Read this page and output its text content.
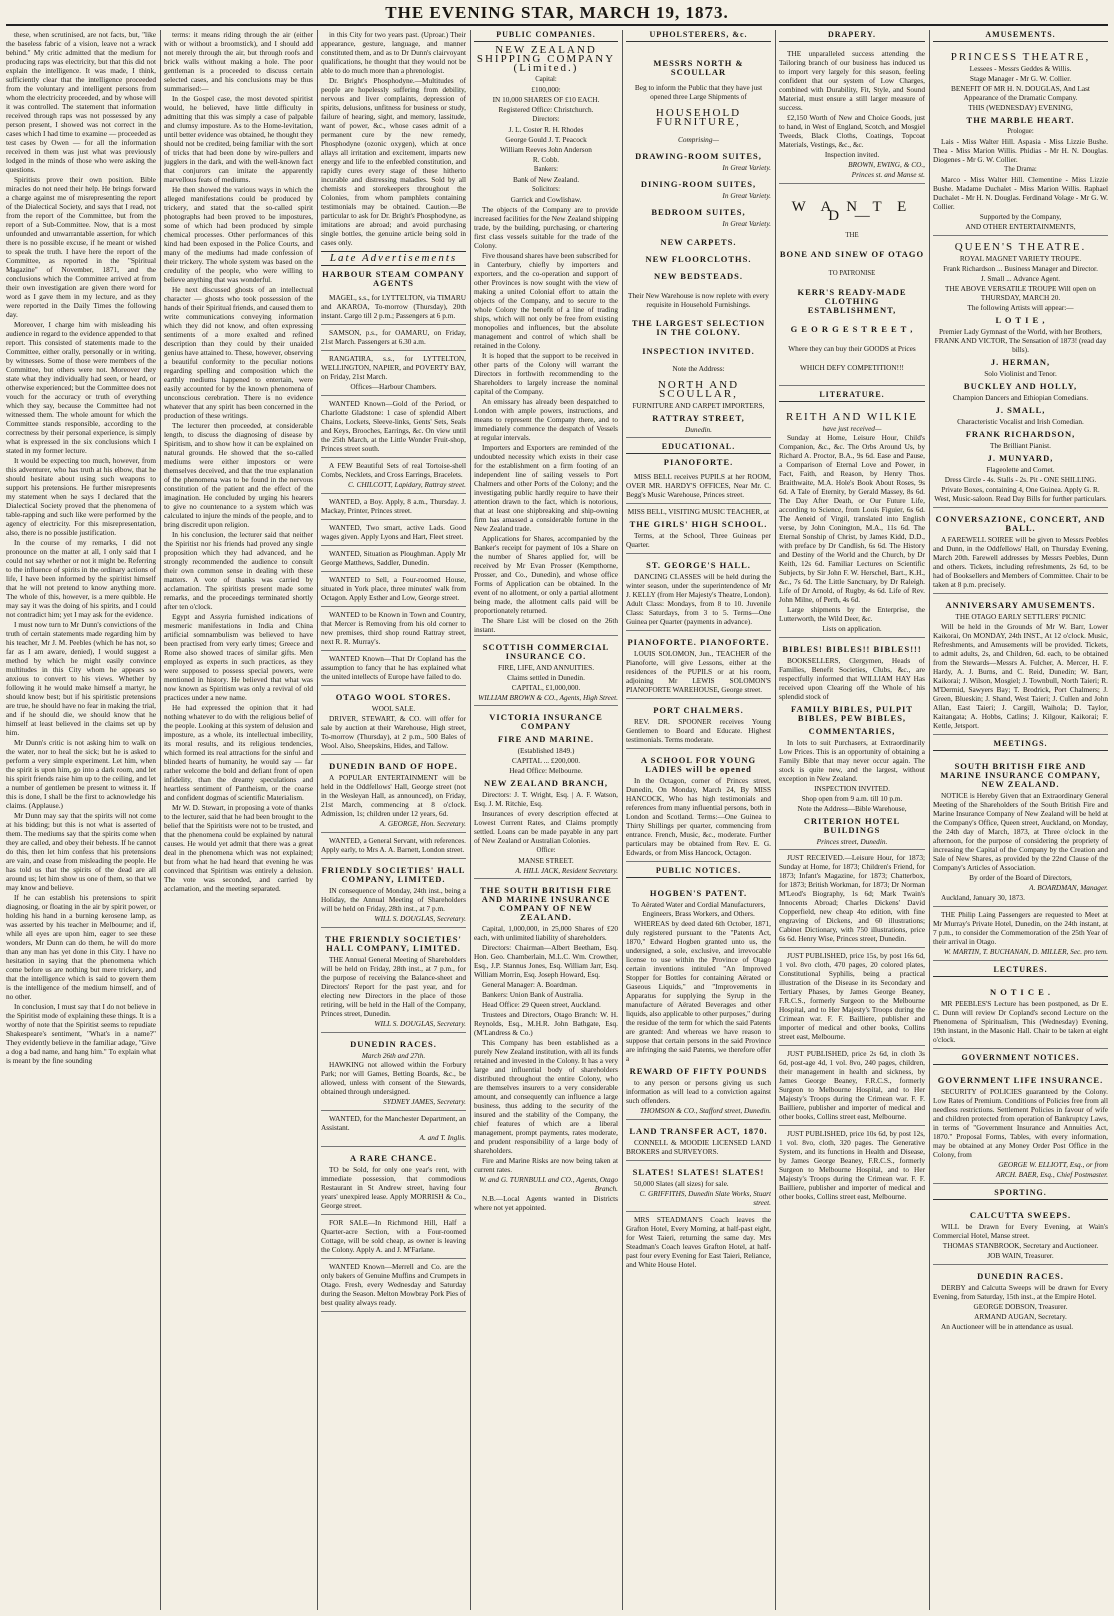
THE EVENING STAR, MARCH 19, 1873.

these, when scrutinised, are not facts, but, "like the baseless fabric of a vision, leave not a wrack behind." My critic admitted that the medium for producing raps was electricity, but that this did not explain the intelligence. It was made, I think, sufficiently clear that the intelligence proceeded from the voluntary and intelligent persons from whom the electricity proceeded, and by whose will it was controlled. The statement that information received through raps was not possessed by any person present, I showed was not correct in the cases which I had time to examine — proceeded as test cases by Owen — for all the information received in them was just what was previously lodged in the minds of those who were asking the questions.

Spiritists prove their own position. Bible miracles do not need their help. He brings forward a charge against me of misrepresenting the report of the Dialectical Society, and says that I read, not from the report of the Committee, but from the report of a Sub-Committee. Now, that is a most unfounded and unwarrantable assertion, for which there is no possible excuse, if he meant or wished to speak the truth. I have here the report of the Committee, as reported in the "Spiritual Magazine" of November, 1871, and the conclusions which the Committee arrived at from their own investigation are given there word for word as I gave them in my lecture, and as they were reported in the Daily Times the following day.

Moreover, I charge him with misleading his audience in regard to the evidence appended to that report. This consisted of statements made to the Committee, either orally, personally or in writing, by witnesses. Some of those were members of the Committee, but others were not. Moreover they state what they individually had seen, or heard, or otherwise experienced; but the Committee does not vouch for the accuracy or truth of everything which they say, because the Committee had not witnessed them. The whole amount for which the Committee stands responsible, according to the correctness by their personal experience, is simply what is expressed in the six conclusions which I stated in my former lecture.

It would be expecting too much, however, from this adventurer, who has truth at his elbow, that he should hesitate about using such weapons to support his pretensions. He further misrepresents my statement when he says I declared that the Dialectical Society proved that the phenomena of table-rapping and such like were performed by the agency of electricity. For this misrepresentation, also, there is no possible justification.

In the course of my remarks, I did not pronounce on the matter at all, I only said that I could not say whether or not it might be. Referring to the influence of spirits in the ordinary actions of life, I have been informed by the spiritist himself that he will not pretend to know anything more. The whole of this, however, is a mere quibble. He may say it was the doing of his spirits, and I could not contradict him; yet I may ask for the evidence.

I must now turn to Mr Dunn's convictions of the truth of certain statements made regarding him by his teacher, Mr J. M. Peebles (which he has not, so far as I am aware, denied), I would suggest a method by which he might easily convince multitudes in this City whom he appears so anxious to convert to his views. Whether by following it he would make himself a martyr, he should know best; but if his spiritistic pretensions are true, he should have no fear in making the trial, and if he should die, we should know that he himself at least believed in the claims set up by him.

Mr Dunn's critic is not asking him to walk on the water, nor to heal the sick; but he is asked to perform a very simple experiment. Let him, when the spirit is upon him, go into a dark room, and let his spirit friends raise him up to the ceiling, and let a number of gentlemen be present to witness it. If this is done, I shall be the first to acknowledge his claims. (Applause.)

Mr Dunn may say that the spirits will not come at his bidding; but this is not what is asserted of them. The mediums say that the spirits come when they are called, and obey their behests. If he cannot do this, then let him confess that his pretensions are vain, and cease from misleading the people. He has told us that the spirits of the dead are all around us; let him show us one of them, so that we may know and believe.

If he can establish his pretensions to spirit diagnosing, or floating in the air by spirit power, or holding his hand in a burning kerosene lamp, as was asserted by his teacher in Melbourne; and if, while all eyes are upon him, eager to see these wonders, Mr Dunn can do them, he will do more than any man has yet done in this City. I have no hesitation in saying that the phenomena which come before us are nothing but mere trickery, and that the intelligence which is said to govern them is the intelligence of the medium himself, and of no other.

In conclusion, I must say that I do not believe in the Spiritist mode of explaining these things. It is a worthy of note that the Spiritist seems to repudiate Shakespeare's sentiment, "What's in a name?" They evidently believe in the familiar adage, "Give a dog a bad name, and hang him." To explain what is meant by the fine sounding

terms: it means riding through the air (either with or without a broomstick), and I should add not merely through the air, but through roofs and brick walls without making a hole. The poor gentleman is a proceeded to discuss certain selected cases, and his conclusions may be thus summarised:—

In the Gospel case, the most devoted spiritist would, he believed, have little difficulty in admitting that this was simply a case of palpable and clumsy imposture. As to the Home-levitation, until better evidence was obtained, he thought they should not be credited, being familiar with the sort of tricks that had been done by wire-pullers and jugglers in the dark, and with the well-known fact that conjurors can imitate the apparently marvellous feats of mediums.

He then showed the various ways in which the alleged manifestations could be produced by trickery, and stated that the so-called spirit photographs had been proved to be impostures, some of which had been produced by simple chemical processes. Other performances of this kind had been exposed in the Police Courts, and many of the mediums had made confession of their trickery. The whole system was based on the credulity of the people, who were willing to believe anything that was wonderful.

He next discussed ghosts of an intellectual character — ghosts who took possession of the hands of their Spiritual friends, and caused them to write communications conveying information which they did not know, and often expressing sentiments of a more exalted and refined description than they could by their unaided genius have attained to. These, however, observing a beautiful conformity to the peculiar notions regarding spelling and composition which the earthly mediums happened to entertain, were easily accounted for by the known phenomena of unconscious cerebration. There is no evidence whatever that any spirit has been concerned in the production of these writings.

The lecturer then proceeded, at considerable length, to discuss the diagnosing of disease by Spiritism, and to show how it can be explained on natural grounds. He showed that the so-called mediums were either impostors or were themselves deceived, and that the true explanation of the phenomena was to be found in the nervous constitution of the patient and the effect of the imagination. He concluded by urging his hearers to give no countenance to a system which was calculated to injure the minds of the people, and to bring discredit upon religion.

In his conclusion, the lecturer said that neither the Spiritist nor his friends had proved any single proposition which they had advanced, and he strongly recommended the audience to consult their own common sense in dealing with these matters. A vote of thanks was carried by acclamation. The spiritists present made some remarks, and the proceedings terminated shortly after ten o'clock.

Egypt and Assyria furnished indications of mesmeric manifestations in India and China artificial somnambulism was believed to have been practised from very early times; Greece and Rome also showed traces of similar gifts. Men employed as experts in such practices, as they were supposed to possess special powers, were mentioned in history. He believed that what was now known as Spiritism was only a revival of old practices under a new name.

He had expressed the opinion that it had nothing whatever to do with the religious belief of the people. Looking at this system of delusion and imposture, as a whole, its intellectual imbecility, its moral results, and its religious tendencies, which formed its real attractions for the sinful and blinded hearts of humanity, he would say — far rather welcome the bold and defiant front of open infidelity, than the dreamy speculations and heartless sentiment of Pantheism, or the coarse and confident dogmas of scientific Materialism.

Mr W. D. Stewart, in proposing a vote of thanks to the lecturer, said that he had been brought to the belief that the Spiritists were not to be trusted, and that the phenomena could be explained by natural causes. He would yet admit that there was a great deal in the phenomena which was not explained; but from what he had heard that evening he was convinced that Spiritism was entirely a delusion. The vote was seconded, and carried by acclamation, and the meeting separated.

in this City for two years past. (Uproar.) Their appearance, gesture, language, and manner constituted them, and as to Dr Dunn's clairvoyant qualifications, he thought that they would not be able to do much more than a phrenologist.

Dr. Bright's Phosphodyne.—Multitudes of people are hopelessly suffering from debility, nervous and liver complaints, depression of spirits, delusions, unfitness for business or study, failure of hearing, sight, and memory, lassitude, want of power, &c., whose cases admit of a permanent cure by the new remedy, Phosphodyne (ozonic oxygen), which at once allays all irritation and excitement, imparts new energy and life to the enfeebled constitution, and rapidly cures every stage of these hitherto incurable and distressing maladies. Sold by all chemists and storekeepers throughout the Colonies, from whom pamphlets containing testimonials may be obtained. Caution.—Be particular to ask for Dr. Bright's Phosphodyne, as imitations are abroad; and avoid purchasing single bottles, the genuine article being sold in cases only.

Late Advertisements
HARBOUR STEAM COMPANY AGENTS

MAGEL, s.s., for LYTTELTON, via TIMARU and AKAROA, To-morrow (Thursday), 20th instant. Cargo till 2 p.m.; Passengers at 6 p.m.

SAMSON, p.s., for OAMARU, on Friday, 21st March. Passengers at 6.30 a.m.

RANGATIRA, s.s., for LYTTELTON, WELLINGTON, NAPIER, and POVERTY BAY, on Friday, 21st March.

Offices—Harbour Chambers.

WANTED Known—Gold of the Period, or Charlotte Gladstone: 1 case of splendid Albert Chains, Lockets, Sleeve-links, Gents' Sets, Seals and Keys, Brooches, Earrings, &c. On view until the 25th March, at the Little Wonder Fruit-shop, Princes street south.

A FEW Beautiful Sets of real Tortoise-shell Combs, Necklets, and Cross Earrings, Bracelets.

C. CHILCOTT, Lapidary, Rattray street.

WANTED, a Boy. Apply, 8 a.m., Thursday. J. Mackay, Printer, Princes street.

WANTED, Two smart, active Lads. Good wages given. Apply Lyons and Hart, Fleet street.

WANTED, Situation as Ploughman. Apply Mr George Matthews, Saddler, Dunedin.

WANTED to Sell, a Four-roomed House, situated in York place, three minutes' walk from Octagon. Apply Esther and Low, George street.

WANTED to be Known in Town and Country, that Mercer is Removing from his old corner to new premises, third shop round Rattray street, next R. R. Murray's.

WANTED Known—That Dr Copland has the assumption to fancy that he has explained what the united intellects of Europe have failed to do.

OTAGO WOOL STORES.
WOOL SALE.

DRIVER, STEWART, & CO. will offer for sale by auction at their Warehouse, High street, To-morrow (Thursday), at 2 p.m., 500 Bales of Wool. Also, Sheepskins, Hides, and Tallow.

DUNEDIN BAND OF HOPE.

A POPULAR ENTERTAINMENT will be held in the Oddfellows' Hall, George street (not in the Wesleyan Hall, as announced), on Friday, 21st March, commencing at 8 o'clock. Admission, 1s; children under 12 years, 6d.

A. GEORGE, Hon. Secretary.

WANTED, a General Servant, with references. Apply early, to Mrs A. A. Barnett, London street.

FRIENDLY SOCIETIES' HALL COMPANY, LIMITED.

IN consequence of Monday, 24th inst., being a Holiday, the Annual Meeting of Shareholders will be held on Friday, 28th inst., at 7 p.m.

WILL S. DOUGLAS, Secretary.

THE FRIENDLY SOCIETIES' HALL COMPANY, LIMITED.

THE Annual General Meeting of Shareholders will be held on Friday, 28th inst., at 7 p.m., for the purpose of receiving the Balance-sheet and Directors' Report for the past year, and for electing new Directors in the place of those retiring, will be held in the Hall of the Company, Princes street, Dunedin.

WILL S. DOUGLAS, Secretary.

DUNEDIN RACES.
March 26th and 27th.

HAWKING not allowed within the Forbury Park; nor will Games, Betting Boards, &c., be allowed, unless with consent of the Stewards, obtained through undersigned.

SYDNEY JAMES, Secretary.

WANTED, for the Manchester Department, an Assistant.

A. and T. Inglis.

A RARE CHANCE.

TO be Sold, for only one year's rent, with immediate possession, that commodious Restaurant in St Andrew street, having four years' unexpired lease. Apply MORRISH & Co., George street.

FOR SALE—In Richmond Hill, Half a Quarter-acre Section, with a Four-roomed Cottage, will be sold cheap, as owner is leaving the Colony. Apply A. and J. M'Farlane.

WANTED Known—Merrell and Co. are the only bakers of Genuine Muffins and Crumpets in Otago. Fresh, every Wednesday and Saturday during the Season. Melton Mowbray Pork Pies of best quality always ready.

PUBLIC COMPANIES.
NEW ZEALAND SHIPPING COMPANY (Limited.)
Capital:
£100,000:
IN 10,000 SHARES OF £10 EACH.
Registered Office: Christchurch.
Directors:
J. L. Coster R. H. Rhodes
George Gould J. T. Peacock
William Reeves John Anderson
R. Cobb.
Bankers:
Bank of New Zealand.
Solicitors:
Garrick and Cowlishaw.

The objects of the Company are to provide increased facilities for the New Zealand shipping trade, by the building, purchasing, or chartering first class vessels suitable for the trade of the Colony.

Five thousand shares have been subscribed for in Canterbury, chiefly by importers and exporters, and the co-operation and support of other Provinces is now sought with the view of making a united Colonial effort to attain the objects of the Company, and to secure to the whole Colony the benefit of a line of trading ships, which will not only be free from existing monopolies and influences, but the absolute management and control of which shall be retained in the Colony.

It is hoped that the support to be received in other parts of the Colony will warrant the Directors in forthwith recommending to the Shareholders to largely increase the nominal capital of the Company.

An emissary has already been despatched to London with ample powers, instructions, and means to represent the Company there, and to immediately commence the despatch of Vessels at regular intervals.

Importers and Exporters are reminded of the undoubted necessity which exists in their case for the establishment on a firm footing of an independent line of sailing vessels to Port Chalmers and other Ports of the Colony; and the investigating public hardly require to have their attention drawn to the fact, which is notorious, that at least one shipbreaking and ship-owning firm has amassed a considerable fortune in the New Zealand trade.

Applications for Shares, accompanied by the Banker's receipt for payment of 10s a Share on the number of Shares applied for, will be received by Mr Evan Prosser (Kempthorne, Prosser, and Co., Dunedin), and whose office Forms of Application can be obtained. In the event of no allotment, or only a partial allotment being made, the allotment calls paid will be proportionately returned.

The Share List will be closed on the 26th instant.

SCOTTISH COMMERCIAL INSURANCE CO.
FIRE, LIFE, AND ANNUITIES.
Claims settled in Dunedin.
CAPITAL, £1,000,000.
WILLIAM BROWN & CO., Agents, High Street.
VICTORIA INSURANCE COMPANY
FIRE AND MARINE.
(Established 1849.)
CAPITAL ... £200,000.
Head Office: Melbourne.
NEW ZEALAND BRANCH,

Directors: J. T. Wright, Esq. | A. F. Watson, Esq. J. M. Ritchie, Esq.

Insurances of every description effected at Lowest Current Rates, and Claims promptly settled. Loans can be made payable in any part of New Zealand or Australian Colonies.

Office:
MANSE STREET.
A. HILL JACK, Resident Secretary.
THE SOUTH BRITISH FIRE AND MARINE INSURANCE COMPANY OF NEW ZEALAND.

Capital, 1,000,000, in 25,000 Shares of £20 each, with unlimited liability of shareholders.

Directors: Chairman—Albert Beetham, Esq. Hon. Geo. Chamberlain, M.L.C. Wm. Crowther, Esq., J.P. Stannus Jones, Esq. William Jarr, Esq. William Morrin, Esq. Joseph Howard, Esq.

General Manager: A. Boardman.

Bankers: Union Bank of Australia.

Head Office: 29 Queen street, Auckland.

Trustees and Directors, Otago Branch: W. H. Reynolds, Esq., M.H.R. John Bathgate, Esq. (M'Landress & Co.)

This Company has been established as a purely New Zealand institution, with all its funds retained and invested in the Colony. It has a very large and influential body of shareholders distributed throughout the entire Colony, who are themselves insurers to a very considerable amount, and consequently can influence a large business, thus adding to the security of the insured and the stability of the Company, the chief features of which are a liberal management, prompt payments, rates moderate, and prudent responsibility of a large body of shareholders.

Fire and Marine Risks are now being taken at current rates.

W. and G. TURNBULL and CO., Agents, Otago Branch.

N.B.—Local Agents wanted in Districts where not yet appointed.

UPHOLSTERERS, &c.
MESSRS NORTH & SCOULLAR

Beg to inform the Public that they have just opened three Large Shipments of

HOUSEHOLD FURNITURE,
Comprising—
DRAWING-ROOM SUITES,
In Great Variety.
DINING-ROOM SUITES,
In Great Variety.
BEDROOM SUITES,
In Great Variety.
NEW CARPETS.
NEW FLOORCLOTHS.
NEW BEDSTEADS.

Their New Warehouse is now replete with every requisite in Household Furnishings.

THE LARGEST SELECTION IN THE COLONY.
INSPECTION INVITED.
Note the Address:
NORTH AND SCOULLAR,
FURNITURE AND CARPET IMPORTERS,
RATTRAY STREET,
Dunedin.
EDUCATIONAL.
PIANOFORTE.

MISS BELL receives PUPILS at her ROOM, OVER MR. HARDY'S OFFICES, Near Mr. C. Begg's Music Warehouse, Princes street.

MISS BELL, VISITING MUSIC TEACHER, at

THE GIRLS' HIGH SCHOOL.

Terms, at the School, Three Guineas per Quarter.

ST. GEORGE'S HALL.

DANCING CLASSES will be held during the winter season, under the superintendence of Mr J. KELLY (from Her Majesty's Theatre, London). Adult Class: Mondays, from 8 to 10. Juvenile Class: Saturdays, from 3 to 5. Terms—One Guinea per Quarter (payments in advance).

PIANOFORTE. PIANOFORTE.

LOUIS SOLOMON, Jun., TEACHER of the Pianoforte, will give Lessons, either at the residences of the PUPILS or at his room, adjoining Mr LEWIS SOLOMON'S PIANOFORTE WAREHOUSE, George street.

PORT CHALMERS.

REV. DR. SPOONER receives Young Gentlemen to Board and Educate. Highest testimonials. Terms moderate.

A SCHOOL FOR YOUNG LADIES will be opened

In the Octagon, corner of Princes street, Dunedin, On Monday, March 24, By MISS HANCOCK, Who has high testimonials and references from many influential persons, both in London and Scotland. Terms:—One Guinea to Thirty Shillings per quarter, commencing from entrance. French, Music, &c., moderate. Further particulars may be obtained from Rev. E. G. Edwards, or from Miss Hancock, Octagon.

PUBLIC NOTICES.
HOGBEN'S PATENT.

To Aërated Water and Cordial Manufacturers, Engineers, Brass Workers, and Others.

WHEREAS by deed dated 6th October, 1871, duly registered pursuant to the "Patents Act, 1870," Edward Hogben granted unto us, the undersigned, a sole, exclusive, and irrevocable license to use within the Province of Otago certain inventions intituled "An Improved Stopper for Bottles for containing Aërated or Gaseous Liquids," and "Improvements in Apparatus for supplying the Syrup in the manufacture of Aërated Beverages and other liquids, also applicable to other purposes," during the residue of the term for which the said Patents are granted: And whereas we have reason to suppose that certain persons in the said Province are infringing the said Patents, we therefore offer a

REWARD OF FIFTY POUNDS

to any person or persons giving us such information as will lead to a conviction against such offenders.

THOMSON & CO., Stafford street, Dunedin.

LAND TRANSFER ACT, 1870.

CONNELL & MOODIE LICENSED LAND BROKERS and SURVEYORS.

SLATES! SLATES! SLATES!

50,000 Slates (all sizes) for sale.

C. GRIFFITHS, Dunedin Slate Works, Stuart street.

MRS STEADMAN'S Coach leaves the Grafton Hotel, Every Morning, at half-past eight, for West Taieri, returning the same day. Mrs Steadman's Coach leaves Grafton Hotel, at half-past four every Evening for East Taieri, Reliance, and White House Hotel.

DRAPERY.

THE unparalleled success attending the Tailoring branch of our business has induced us to import very largely for this season, feeling confident that our system of Low Charges, combined with Durability, Fit, Style, and Sound Material, must ensure a still larger measure of success.

£2,150 Worth of New and Choice Goods, just to hand, in West of England, Scotch, and Mosgiel Tweeds, Black Cloths, Coatings, Topcoat Materials, Vestings, &c., &c.

Inspection invited.

BROWN, EWING, & CO.,

Princes st. and Manse st.

W A N T E D —
THE
BONE AND SINEW OF OTAGO
TO PATRONISE
KERR'S READY-MADE CLOTHING ESTABLISHMENT,
G E O R G E S T R E E T ,
Where they can buy their GOODS at Prices
WHICH DEFY COMPETITION!!!
LITERATURE.
REITH AND WILKIE
have just received—

Sunday at Home, Leisure Hour, Child's Companion, &c., &c. The Orbs Around Us, by Richard A. Proctor, B.A., 9s 6d. Ease and Pause, a Comparison of Eternal Love and Power, in Fact, Faith, and Reason, by Henry Thos. Braithwaite, M.A. Hole's Book About Roses, 9s 6d. A Tale of Eternity, by Gerald Massey, 8s 6d. The Day After Death, or Our Future Life, according to Science, from Louis Figuier, 6s 6d. The Aeneid of Virgil, translated into English verse, by John Conington, M.A., 11s 6d. The Eternal Sonship of Christ, by James Kidd, D.D., with preface by Dr Candlish, 6s 6d. The History and Destiny of the World and the Church, by Dr Keith, 12s 6d. Familiar Lectures on Scientific Subjects, by Sir John F. W. Herschel, Bart., K.H., &c., 7s 6d. The Little Sanctuary, by Dr Raleigh. Life of Dr Arnold, of Rugby, 4s 6d. Life of Rev. John Milne, of Perth, 4s 6d.

Large shipments by the Enterprise, the Lutterworth, the Wild Deer, &c.

Lists on application.

BIBLES! BIBLES!! BIBLES!!!

BOOKSELLERS, Clergymen, Heads of Families, Benefit Societies, Clubs, &c., are respectfully informed that WILLIAM HAY Has received upon Clearing off the Whole of his splendid stock of

FAMILY BIBLES, PULPIT BIBLES, PEW BIBLES,
COMMENTARIES,

In lots to suit Purchasers, at Extraordinarily Low Prices. This is an opportunity of obtaining a Family Bible that may never occur again. The stock is quite new, and the largest, without exception in New Zealand.

INSPECTION INVITED.
Shop open from 9 a.m. till 10 p.m.
Note the Address—Bible Warehouse,
CRITERION HOTEL BUILDINGS
Princes street, Dunedin.

JUST RECEIVED.—Leisure Hour, for 1873; Sunday at Home, for 1873; Children's Friend, for 1873; Infant's Magazine, for 1873; Chatterbox, for 1873; British Workman, for 1873; Dr Norman M'Leod's Biography, 1s 6d; Mark Twain's Innocents Abroad; Charles Dickens' David Copperfield, new cheap 4to edition, with fine engraving of Dickens, and 60 illustrations; Cabinet Dictionary, with 750 illustrations, price 6s 6d. Henry Wise, Princes street, Dunedin.

JUST PUBLISHED, price 15s, by post 16s 6d, 1 vol. 8vo cloth, 470 pages, 20 colored plates, Constitutional Syphilis, being a practical illustration of the Disease in its Secondary and Tertiary Phases, by James George Beaney, F.R.C.S., formerly Surgeon to the Melbourne Hospital, and to Her Majesty's Troops during the Crimean war. F. F. Bailliere, publisher and importer of medical and other books, Collins street east, Melbourne.

JUST PUBLISHED, price 2s 6d, in cloth 3s 6d, post-age 4d, 1 vol. 8vo, 240 pages, children, their management in health and sickness, by James George Beaney, F.R.C.S., formerly Surgeon to Melbourne Hospital, and to Her Majesty's Troops during the Crimean war. F. F. Bailliere, publisher and importer of medical and other books, Collins street east, Melbourne.

JUST PUBLISHED, price 10s 6d, by post 12s, 1 vol. 8vo, cloth, 320 pages. The Generative System, and its functions in Health and Disease, by James George Beaney, F.R.C.S., formerly Surgeon to Melbourne Hospital, and to Her Majesty's Troops during the Crimean war. F. F. Bailliere, publisher and importer of medical and other books, Collins street east, Melbourne.

AMUSEMENTS.
PRINCESS THEATRE,
Lessees - Messrs Geddes & Willis.
Stage Manager - Mr G. W. Collier.
BENEFIT OF MR H. N. DOUGLAS, And Last Appearance of the Dramatic Company.
THIS (WEDNESDAY) EVENING,
THE MARBLE HEART.
Prologue:

Lais - Miss Walter Hill. Aspasia - Miss Lizzie Bushe. Thea - Miss Marion Willis. Phidias - Mr H. N. Douglas. Diogenes - Mr G. W. Collier.

The Drama:

Marco - Miss Walter Hill. Clementine - Miss Lizzie Bushe. Madame Duchalet - Miss Marion Willis. Raphael Duchalet - Mr H. N. Douglas. Ferdinand Volage - Mr G. W. Collier.

Supported by the Company,
AND OTHER ENTERTAINMENTS,
QUEEN'S THEATRE.
ROYAL MAGNET VARIETY TROUPE.
Frank Richardson ... Business Manager and Director.
J. Small ... Advance Agent.
THE ABOVE VERSATILE TROUPE Will open on THURSDAY, MARCH 20.
The following Artists will appear:—
L O T I E ,
Premier Lady Gymnast of the World, with her Brothers, FRANK AND VICTOR, The Sensation of 1873! (read day bills).
J. HERMAN,
Solo Violinist and Tenor.
BUCKLEY AND HOLLY,
Champion Dancers and Ethiopian Comedians.
J. SMALL,
Characteristic Vocalist and Irish Comedian.
FRANK RICHARDSON,
The Brilliant Pianist.
J. MUNYARD,
Flageolette and Cornet.
Dress Circle - 4s. Stalls - 2s. Pit - ONE SHILLING.
Private Boxes, containing 4, One Guinea. Apply G. R. West, Music-saloon. Read Day Bills for further particulars.
CONVERSAZIONE, CONCERT, AND BALL.

A FAREWELL SOIREE will be given to Messrs Peebles and Dunn, in the Oddfellows' Hall, on Thursday Evening, March 20th. Farewell addresses by Messrs Peebles, Dunn and others. Tickets, including refreshments, 2s 6d, to be had of Booksellers and Members of Committee. Chair to be taken at 8 p.m. precisely.

ANNIVERSARY AMUSEMENTS.
THE OTAGO EARLY SETTLERS' PICNIC

Will be held in the Grounds of Mr W. Barr, Lower Kaikorai, On MONDAY, 24th INST., At 12 o'clock. Music, Refreshments, and Amusements will be provided. Tickets, to admit adults, 2s, and Children, 6d. each, to be obtained from the Stewards—Messrs A. Fulcher, A. Mercer, H. F. Hardy, A. J. Burns, and C. Reid, Dunedin; W. Barr, Kaikorai; J. Wilson, Mosgiel; J. Townbull, North Taieri; R. M'Dermid, Sawyers Bay; T. Brodrick, Port Chalmers; J. Green, Blueskin; J. Shand, West Taieri; J. Cullen and John Allan, East Taieri; J. Cargill, Waihola; D. Taylor, Kaitangata; A. Hobbs, Catlins; J. Kilgour, Kaikorai; F. Kettle, Jetsport.

MEETINGS.
SOUTH BRITISH FIRE AND MARINE INSURANCE COMPANY, NEW ZEALAND.

NOTICE is Hereby Given that an Extraordinary General Meeting of the Shareholders of the South British Fire and Marine Insurance Company of New Zealand will be held at the Company's Office, Queen street, Auckland, on Monday, the 24th day of March, 1873, at Three o'clock in the afternoon, for the purpose of considering the propriety of increasing the Capital of the Company by the Creation and Sale of New Shares, as provided by the 22nd Clause of the Company's Articles of Association.

By order of the Board of Directors,

A. BOARDMAN, Manager.

Auckland, January 30, 1873.

THE Philip Laing Passengers are requested to Meet at Mr Murray's Private Hotel, Dunedin, on the 24th instant, at 7 p.m., to consider the Commemoration of the 25th Year of their arrival in Otago.

W. MARTIN, T. BUCHANAN, D. MILLER, Sec. pro tem.

LECTURES.
N O T I C E .

MR PEEBLES'S Lecture has been postponed, as Dr E. C. Dunn will review Dr Copland's second Lecture on the Phenomena of Spiritualism, This (Wednesday) Evening, 19th instant, in the Masonic Hall. Chair to be taken at eight o'clock.

GOVERNMENT NOTICES.
GOVERNMENT LIFE INSURANCE.

SECURITY of POLICIES guaranteed by the Colony. Low Rates of Premium. Conditions of Policies free from all needless restrictions. Settlement Policies in favour of wife and children protected from operation of Bankruptcy Laws, in terms of "Government Insurance and Annuities Act, 1870." Proposal Forms, Tables, with every information, may be obtained at any Money Order Post Office in the Colony, from

GEORGE W. ELLIOTT, Esq., or from

ARCH. BAER, Esq., Chief Postmaster.

SPORTING.
CALCUTTA SWEEPS.

WILL be Drawn for Every Evening, at Wain's Commercial Hotel, Manse street.

THOMAS STANBROOK, Secretary and Auctioneer.

JOB WAIN, Treasurer.

DUNEDIN RACES.

DERBY and Calcutta Sweeps will be drawn for Every Evening, from Saturday, 15th inst., at the Empire Hotel.

GEORGE DOBSON, Treasurer.

ARMAND AUGAN, Secretary.

An Auctioneer will be in attendance as usual.
